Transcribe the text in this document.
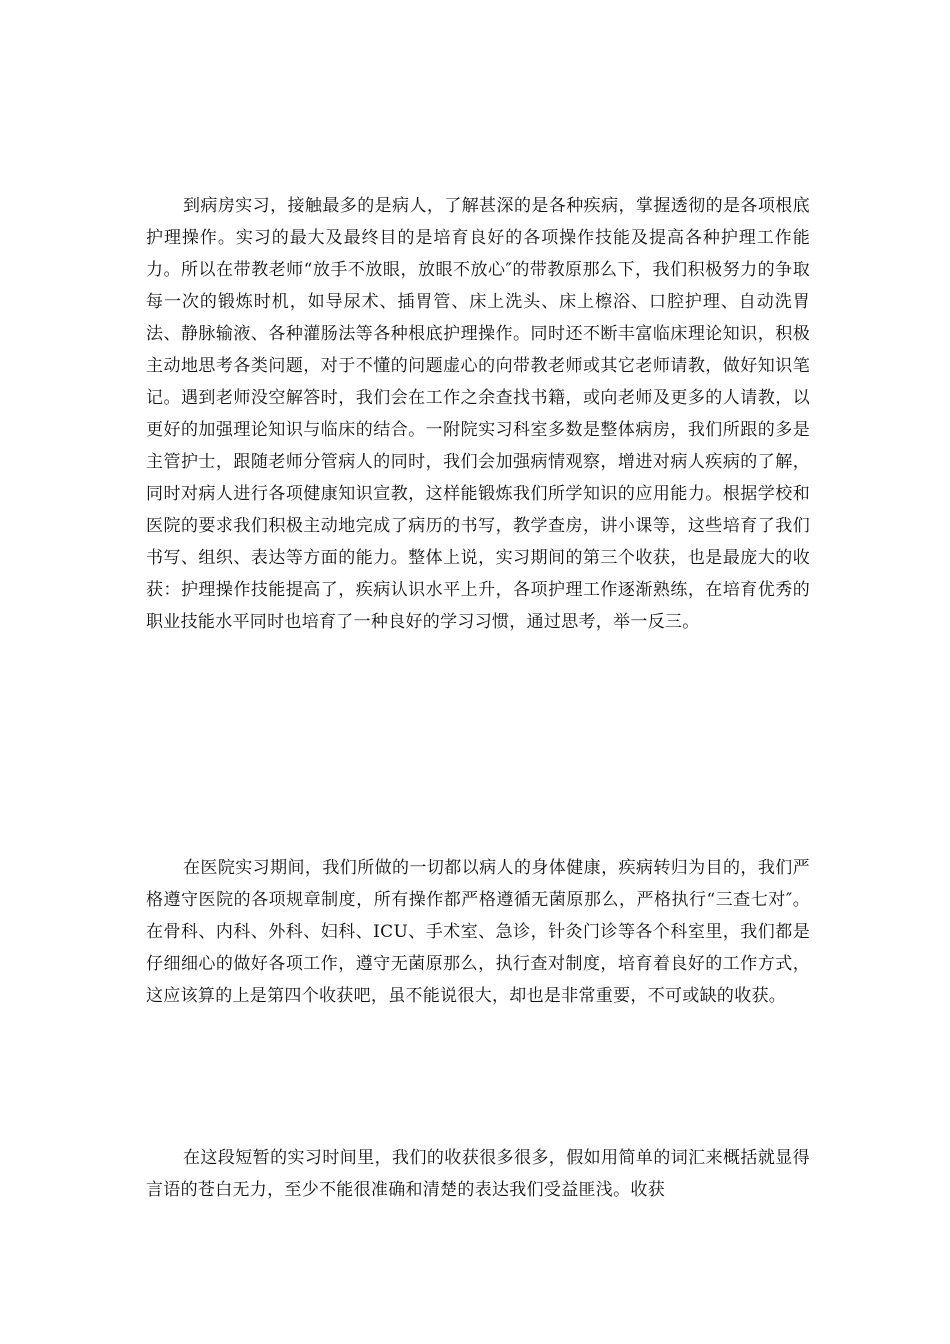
到病房实习，接触最多的是病人，了解甚深的是各种疾病，掌握透彻的是各项根底护理操作。实习的最大及最终目的是培育良好的各项操作技能及提高各种护理工作能力。所以在带教老师“放手不放眼，放眼不放心″的带教原那么下，我们积极努力的争取每一次的锻炼时机，如导尿术、插胃管、床上洗头、床上檫浴、口腔护理、自动洗胃法、静脉输液、各种灌肠法等各种根底护理操作。同时还不断丰富临床理论知识，积极主动地思考各类问题，对于不懂的问题虚心的向带教老师或其它老师请教，做好知识笔记。遇到老师没空解答时，我们会在工作之余查找书籍，或向老师及更多的人请教，以更好的加强理论知识与临床的结合。一附院实习科室多数是整体病房，我们所跟的多是主管护士，跟随老师分管病人的同时，我们会加强病情观察，增进对病人疾病的了解，同时对病人进行各项健康知识宣教，这样能锻炼我们所学知识的应用能力。根据学校和医院的要求我们积极主动地完成了病历的书写，教学查房，讲小课等，这些培育了我们书写、组织、表达等方面的能力。整体上说，实习期间的第三个收获，也是最庞大的收获：护理操作技能提高了，疾病认识水平上升，各项护理工作逐渐熟练，在培育优秀的职业技能水平同时也培育了一种良好的学习习惯，通过思考，举一反三。

在医院实习期间，我们所做的一切都以病人的身体健康，疾病转归为目的，我们严格遵守医院的各项规章制度，所有操作都严格遵循无菌原那么，严格执行“三查七对″。在骨科、内科、外科、妇科、ICU、手术室、急诊，针灸门诊等各个科室里，我们都是仔细细心的做好各项工作，遵守无菌原那么，执行查对制度，培育着良好的工作方式，这应该算的上是第四个收获吧，虽不能说很大，却也是非常重要，不可或缺的收获。

在这段短暂的实习时间里，我们的收获很多很多，假如用简单的词汇来概括就显得言语的苍白无力，至少不能很准确和清楚的表达我们受益匪浅。收获
